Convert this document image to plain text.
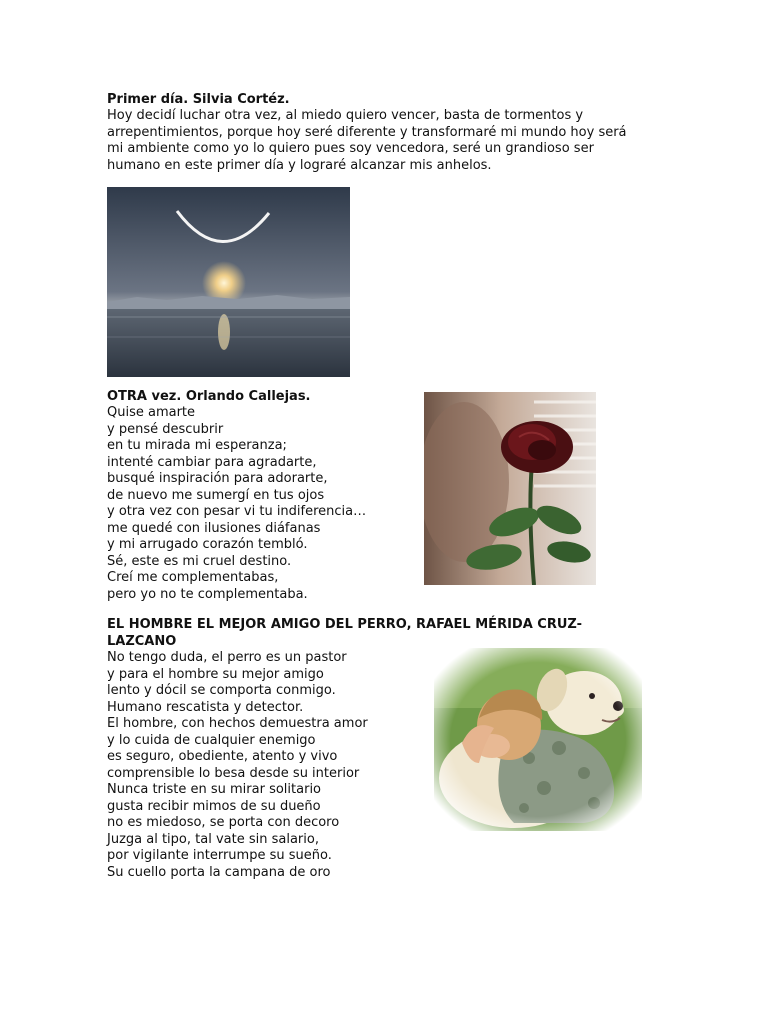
Primer día. Silvia Cortéz.
Hoy decidí luchar otra vez, al miedo quiero vencer, basta de tormentos y
arrepentimientos, porque hoy seré diferente y transformaré mi mundo hoy será
mi ambiente como yo lo quiero pues soy vencedora, seré un grandioso ser
humano en este primer día y lograré alcanzar mis anhelos.
OTRA vez. Orlando Callejas.
Quise amarte
y pensé descubrir
en tu mirada mi esperanza;
intenté cambiar para agradarte,
busqué inspiración para adorarte,
de nuevo me sumergí en tus ojos
y otra vez con pesar vi tu indiferencia…
me quedé con ilusiones diáfanas
y mi arrugado corazón tembló.
Sé, este es mi cruel destino.
Creí me complementabas,
pero yo no te complementaba.
EL HOMBRE EL MEJOR AMIGO DEL PERRO, RAFAEL MÉRIDA CRUZ-
LAZCANO
No tengo duda, el perro es un pastor
y para el hombre su mejor amigo
lento y dócil se comporta conmigo.
Humano rescatista y detector.
El hombre, con hechos demuestra amor
y lo cuida de cualquier enemigo
es seguro, obediente, atento y vivo
comprensible lo besa desde su interior
Nunca triste en su mirar solitario
gusta recibir mimos de su dueño
no es miedoso, se porta con decoro
Juzga al tipo, tal vate sin salario,
por vigilante interrumpe su sueño.
Su cuello porta la campana de oro
